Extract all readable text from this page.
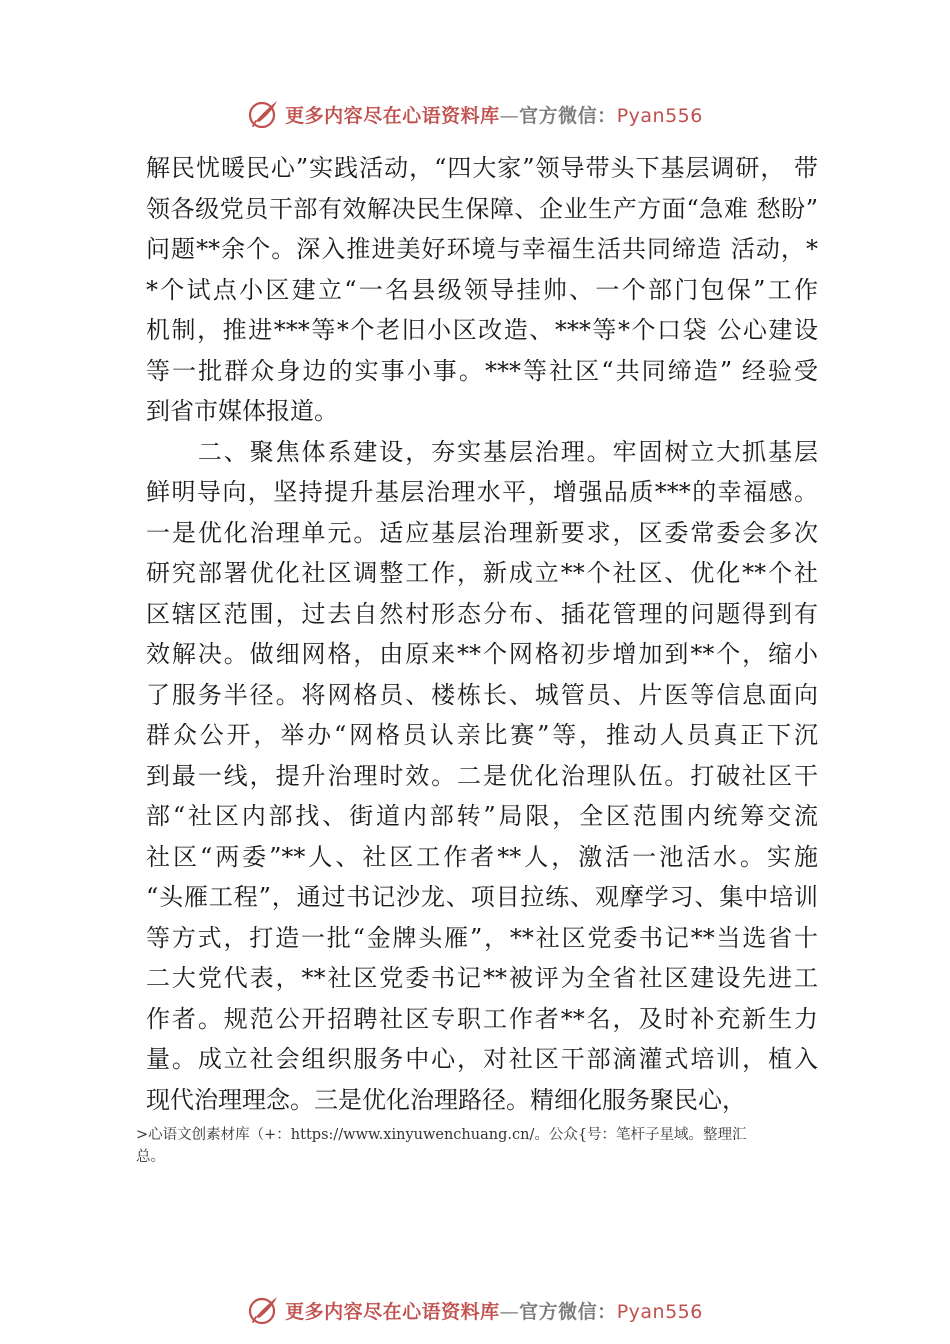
更多内容尽在心语资料库—官方微信：Pyan556
解民忧暖民心”实践活动，“四大家”领导带头下基层调研， 带
领各级党员干部有效解决民生保障、企业生产方面“急难 愁盼”
问题**余个。深入推进美好环境与幸福生活共同缔造 活动，*
*个试点小区建立“一名县级领导挂帅、一个部门包保”工作
机制，推进***等*个老旧小区改造、***等*个口袋 公心建设
等一批群众身边的实事小事。***等社区“共同缔造” 经验受
到省市媒体报道。
　　二、聚焦体系建设，夯实基层治理。牢固树立大抓基层
鲜明导向，坚持提升基层治理水平，增强品质***的幸福感。
一是优化治理单元。适应基层治理新要求，区委常委会多次
研究部署优化社区调整工作，新成立**个社区、优化**个社
区辖区范围，过去自然村形态分布、插花管理的问题得到有
效解决。做细网格，由原来**个网格初步增加到**个，缩小
了服务半径。将网格员、楼栋长、城管员、片医等信息面向
群众公开，举办“网格员认亲比赛”等，推动人员真正下沉
到最一线，提升治理时效。二是优化治理队伍。打破社区干
部“社区内部找、街道内部转”局限，全区范围内统筹交流
社区“两委”**人、社区工作者**人，激活一池活水。实施
“头雁工程”，通过书记沙龙、项目拉练、观摩学习、集中培训
等方式，打造一批“金牌头雁”，**社区党委书记**当选省十
二大党代表，**社区党委书记**被评为全省社区建设先进工
作者。规范公开招聘社区专职工作者**名，及时补充新生力
量。成立社会组织服务中心，对社区干部滴灌式培训，植入
现代治理理念。三是优化治理路径。精细化服务聚民心，
>心语文创素材库（+：https://www.xinyuwenchuang.cn/。公众{号：笔杆子星域。整理汇
总。
更多内容尽在心语资料库—官方微信：Pyan556
